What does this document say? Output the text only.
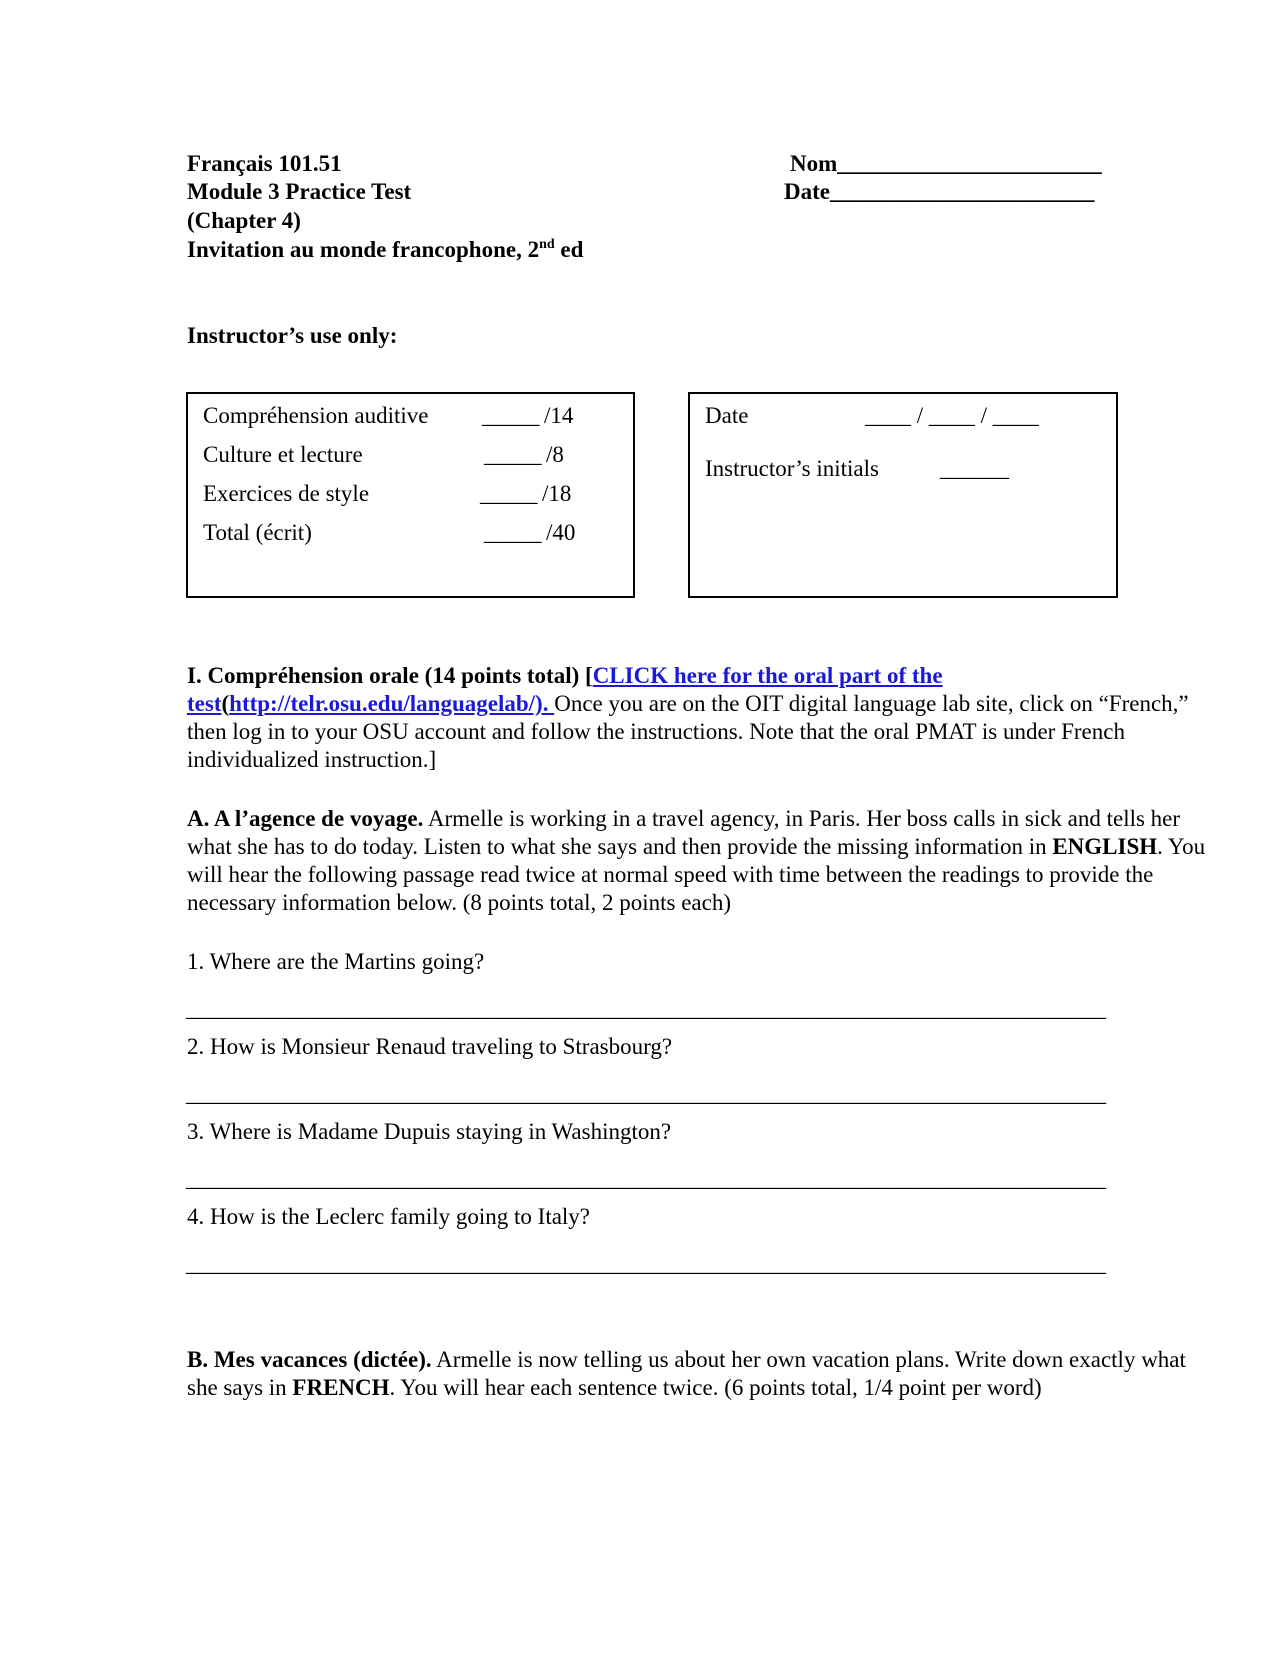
Français 101.51
Module 3 Practice Test
(Chapter 4)
Invitation au monde francophone, 2nd ed
Nom_______________________
Date_______________________
Instructor’s use only:
Compréhension auditive _____ /14
Culture et lecture	_____ /8
Exercices de style	_____ /18
Total (écrit)	_____ /40
Date	____ / ____ / ____
Instructor’s initials	______
I. Compréhension orale (14 points total) [CLICK here for the oral part of the test(http://telr.osu.edu/languagelab/). Once you are on the OIT digital language lab site, click on “French,” then log in to your OSU account and follow the instructions. Note that the oral PMAT is under French individualized instruction.]
A. A l’agence de voyage. Armelle is working in a travel agency, in Paris. Her boss calls in sick and tells her what she has to do today. Listen to what she says and then provide the missing information in ENGLISH. You will hear the following passage read twice at normal speed with time between the readings to provide the necessary information below. (8 points total, 2 points each)
1. Where are the Martins going?
________________________________________________________________________________
2. How is Monsieur Renaud traveling to Strasbourg?
________________________________________________________________________________
3. Where is Madame Dupuis staying in Washington?
________________________________________________________________________________
4. How is the Leclerc family going to Italy?
________________________________________________________________________________
B. Mes vacances (dictée). Armelle is now telling us about her own vacation plans. Write down exactly what she says in FRENCH. You will hear each sentence twice. (6 points total, 1/4 point per word)
